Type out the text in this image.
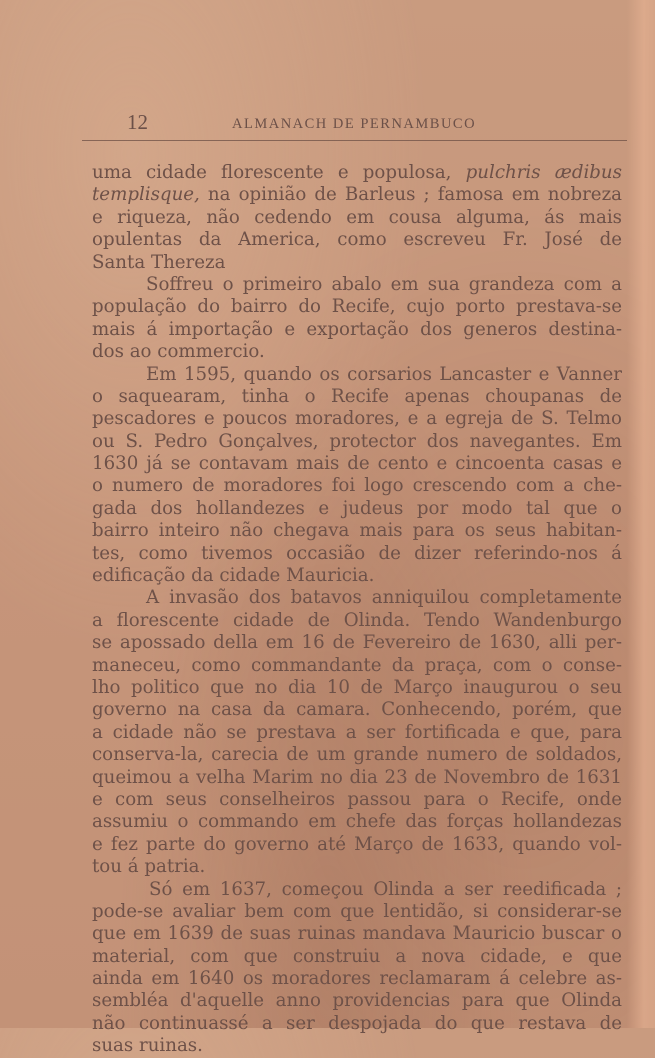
12	ALMANACH DE PERNAMBUCO
uma cidade florescente e populosa, pulchris ædibus
templisque, na opinião de Barleus ; famosa em nobreza
e riqueza, não cedendo em cousa alguma, ás mais
opulentas da America, como escreveu Fr. José de
Santa Thereza
Soffreu o primeiro abalo em sua grandeza com a
população do bairro do Recife, cujo porto prestava-se
mais á importação e exportação dos generos destina-
dos ao commercio.
Em 1595, quando os corsarios Lancaster e Vanner
o saquearam, tinha o Recife apenas choupanas de
pescadores e poucos moradores, e a egreja de S. Telmo
ou S. Pedro Gonçalves, protector dos navegantes. Em
1630 já se contavam mais de cento e cincoenta casas e
o numero de moradores foi logo crescendo com a che-
gada dos hollandezes e judeus por modo tal que o
bairro inteiro não chegava mais para os seus habitan-
tes, como tivemos occasião de dizer referindo-nos á
edificação da cidade Mauricia.
A invasão dos batavos anniquilou completamente
a florescente cidade de Olinda. Tendo Wandenburgo
se apossado della em 16 de Fevereiro de 1630, alli per-
maneceu, como commandante da praça, com o conse-
lho politico que no dia 10 de Março inaugurou o seu
governo na casa da camara. Conhecendo, porém, que
a cidade não se prestava a ser fortificada e que, para
conserva-la, carecia de um grande numero de soldados,
queimou a velha Marim no dia 23 de Novembro de 1631
e com seus conselheiros passou para o Recife, onde
assumiu o commando em chefe das forças hollandezas
e fez parte do governo até Março de 1633, quando vol-
tou á patria.
Só em 1637, começou Olinda a ser reedificada ;
pode-se avaliar bem com que lentidão, si considerar-se
que em 1639 de suas ruinas mandava Mauricio buscar o
material, com que construiu a nova cidade, e que
ainda em 1640 os moradores reclamaram á celebre as-
sembléa d'aquelle anno providencias para que Olinda
não continuassé a ser despojada do que restava de
suas ruinas.
